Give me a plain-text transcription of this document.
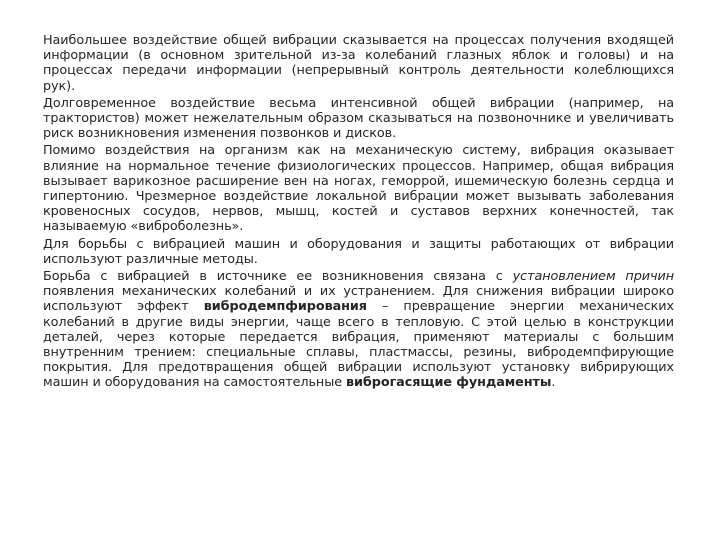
Наибольшее воздействие общей вибрации сказывается на процессах получения входящей информации (в основном зрительной из-за колебаний глазных яблок и головы) и на процессах передачи информации (непрерывный контроль деятельности колеблющихся рук).

Долговременное воздействие весьма интенсивной общей вибрации (например, на трактористов) может нежелательным образом сказываться на позвоночнике и увеличивать риск возникновения изменения позвонков и дисков.

Помимо воздействия на организм как на механическую систему, вибрация оказывает влияние на нормальное течение физиологических процессов. Например, общая вибрация вызывает варикозное расширение вен на ногах, геморрой, ишемическую болезнь сердца и гипертонию. Чрезмерное воздействие локальной вибрации может вызывать заболевания кровеносных сосудов, нервов, мышц, костей и суставов верхних конечностей, так называемую «виброболезнь».

Для борьбы с вибрацией машин и оборудования и защиты работающих от вибрации используют различные методы.

Борьба с вибрацией в источнике ее возникновения связана с установлением причин появления механических колебаний и их устранением. Для снижения вибрации широко используют эффект вибродемпфирования – превращение энергии механических колебаний в другие виды энергии, чаще всего в тепловую. С этой целью в конструкции деталей, через которые передается вибрация, применяют материалы с большим внутренним трением: специальные сплавы, пластмассы, резины, вибродемпфирующие покрытия. Для предотвращения общей вибрации используют установку вибрирующих машин и оборудования на самостоятельные виброгасящие фундаменты.
